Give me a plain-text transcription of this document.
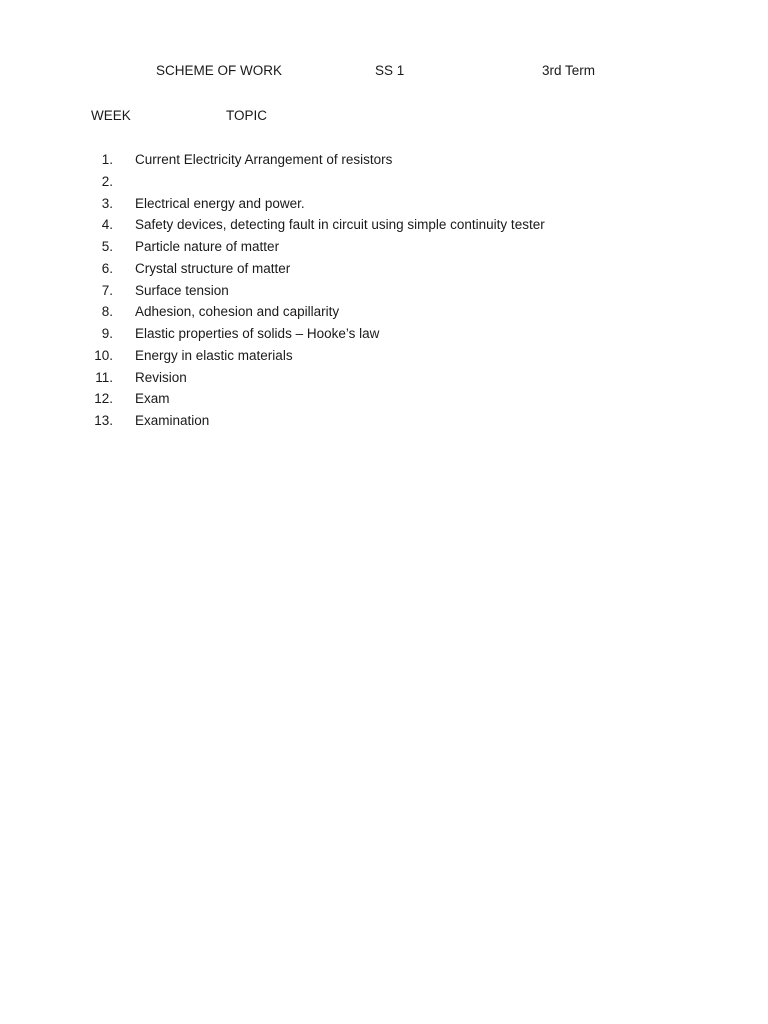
SCHEME OF WORK	SS 1	3rd Term
WEEK	TOPIC
1. Current Electricity Arrangement of resistors
2.
3. Electrical energy and power.
4. Safety devices, detecting fault in circuit using simple continuity tester
5. Particle nature of matter
6. Crystal structure of matter
7. Surface tension
8. Adhesion, cohesion and capillarity
9. Elastic properties of solids – Hooke’s law
10. Energy in elastic materials
11. Revision
12. Exam
13. Examination
